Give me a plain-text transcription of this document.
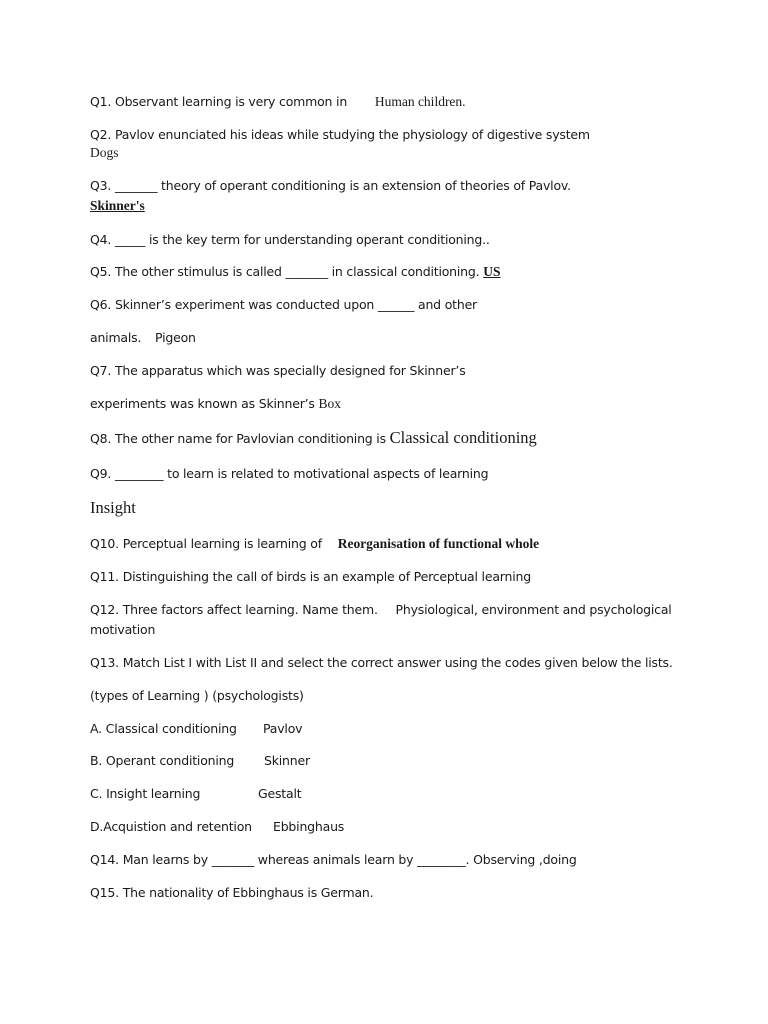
Q1. Observant learning is very common in Human children.
Q2. Pavlov enunciated his ideas while studying the physiology of digestive system
Dogs
Q3. _______ theory of operant conditioning is an extension of theories of Pavlov.
Skinner's
Q4. _____ is the key term for understanding operant conditioning..
Q5. The other stimulus is called _______ in classical conditioning. US
Q6. Skinner’s experiment was conducted upon ______ and other
animals. Pigeon
Q7. The apparatus which was specially designed for Skinner’s
experiments was known as Skinner’s Box
Q8. The other name for Pavlovian conditioning is Classical conditioning
Q9. ________ to learn is related to motivational aspects of learning
Insight
Q10. Perceptual learning is learning of Reorganisation of functional whole
Q11. Distinguishing the call of birds is an example of Perceptual learning
Q12. Three factors affect learning. Name them. Physiological, environment and psychological
motivation
Q13. Match List I with List II and select the correct answer using the codes given below the lists.
(types of Learning ) (psychologists)
A. Classical conditioning Pavlov
B. Operant conditioning Skinner
C. Insight learning	Gestalt
D.Acquistion and retention Ebbinghaus
Q14. Man learns by _______ whereas animals learn by ________. Observing ,doing
Q15. The nationality of Ebbinghaus is German.
